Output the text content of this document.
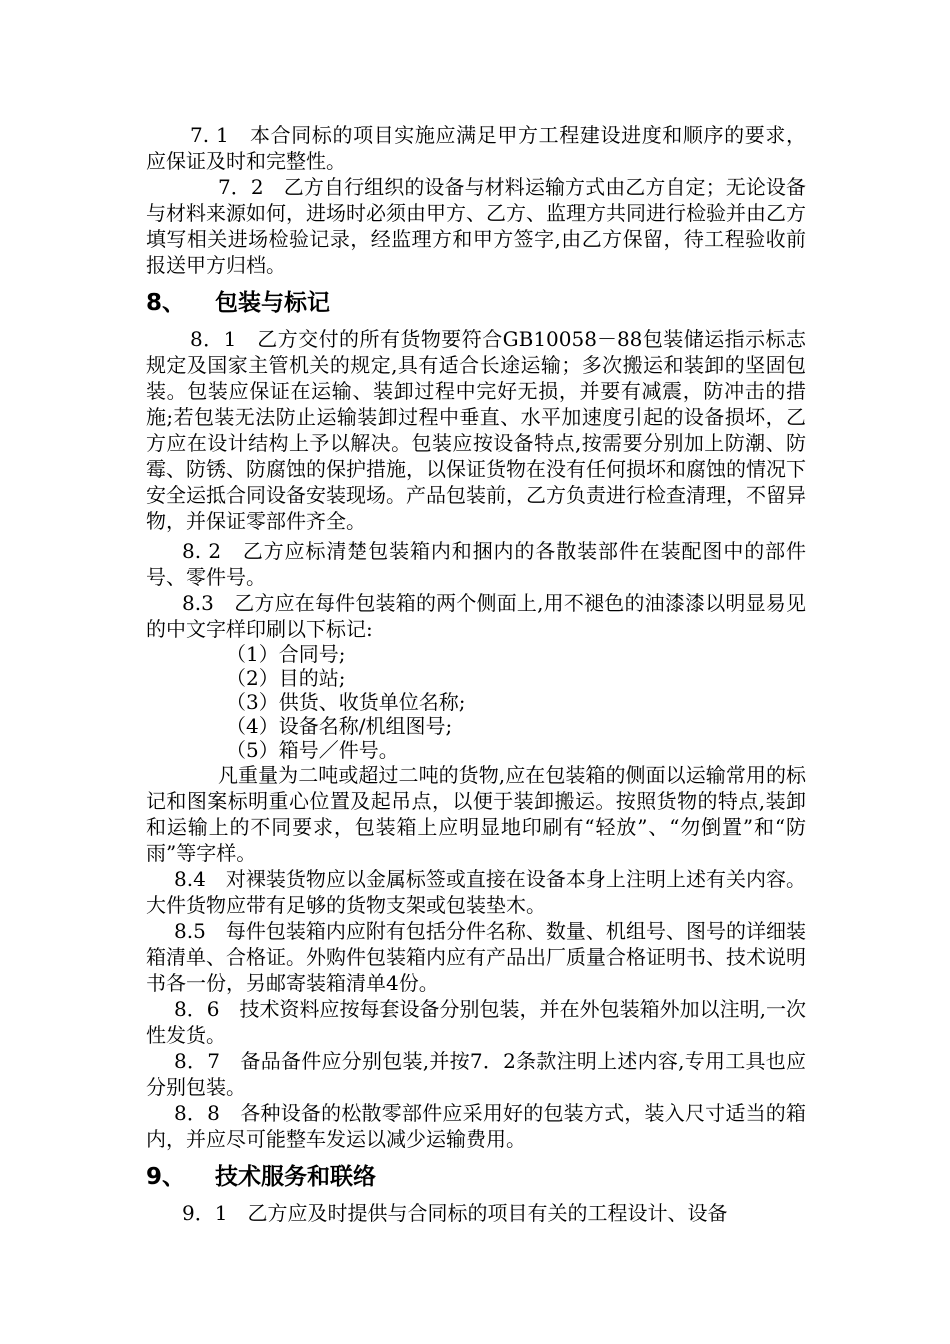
7. 1　本合同标的项目实施应满足甲方工程建设进度和顺序的要求，应保证及时和完整性。

7．2　乙方自行组织的设备与材料运输方式由乙方自定；无论设备与材料来源如何，进场时必须由甲方、乙方、监理方共同进行检验并由乙方填写相关进场检验记录，经监理方和甲方签字,由乙方保留，待工程验收前报送甲方归档。

8、 包装与标记

8．1　乙方交付的所有货物要符合GB10058－88包装储运指示标志规定及国家主管机关的规定,具有适合长途运输；多次搬运和装卸的坚固包装。包装应保证在运输、装卸过程中完好无损，并要有减震，防冲击的措施;若包装无法防止运输装卸过程中垂直、水平加速度引起的设备损坏，乙方应在设计结构上予以解决。包装应按设备特点,按需要分别加上防潮、防霉、防锈、防腐蚀的保护措施，以保证货物在没有任何损坏和腐蚀的情况下安全运抵合同设备安装现场。产品包装前，乙方负责进行检查清理，不留异物，并保证零部件齐全。

8. 2　乙方应标清楚包装箱内和捆内的各散装部件在装配图中的部件号、零件号。

8.3　乙方应在每件包装箱的两个侧面上,用不褪色的油漆漆以明显易见的中文字样印刷以下标记:

（1）合同号;

（2）目的站;

（3）供货、收货单位名称;

（4）设备名称/机组图号;

（5）箱号／件号。

凡重量为二吨或超过二吨的货物,应在包装箱的侧面以运输常用的标记和图案标明重心位置及起吊点，以便于装卸搬运。按照货物的特点,装卸和运输上的不同要求，包装箱上应明显地印刷有“轻放”、“勿倒置”和“防雨”等字样。

8.4　对裸装货物应以金属标签或直接在设备本身上注明上述有关内容。大件货物应带有足够的货物支架或包装垫木。

8.5　每件包装箱内应附有包括分件名称、数量、机组号、图号的详细装箱清单、合格证。外购件包装箱内应有产品出厂质量合格证明书、技术说明书各一份，另邮寄装箱清单4份。

8．6　技术资料应按每套设备分别包装，并在外包装箱外加以注明,一次性发货。

8．7　备品备件应分别包装,并按7．2条款注明上述内容,专用工具也应分别包装。

8．8　各种设备的松散零部件应采用好的包装方式，装入尺寸适当的箱内，并应尽可能整车发运以减少运输费用。

9、 技术服务和联络

9．1　乙方应及时提供与合同标的项目有关的工程设计、设备
